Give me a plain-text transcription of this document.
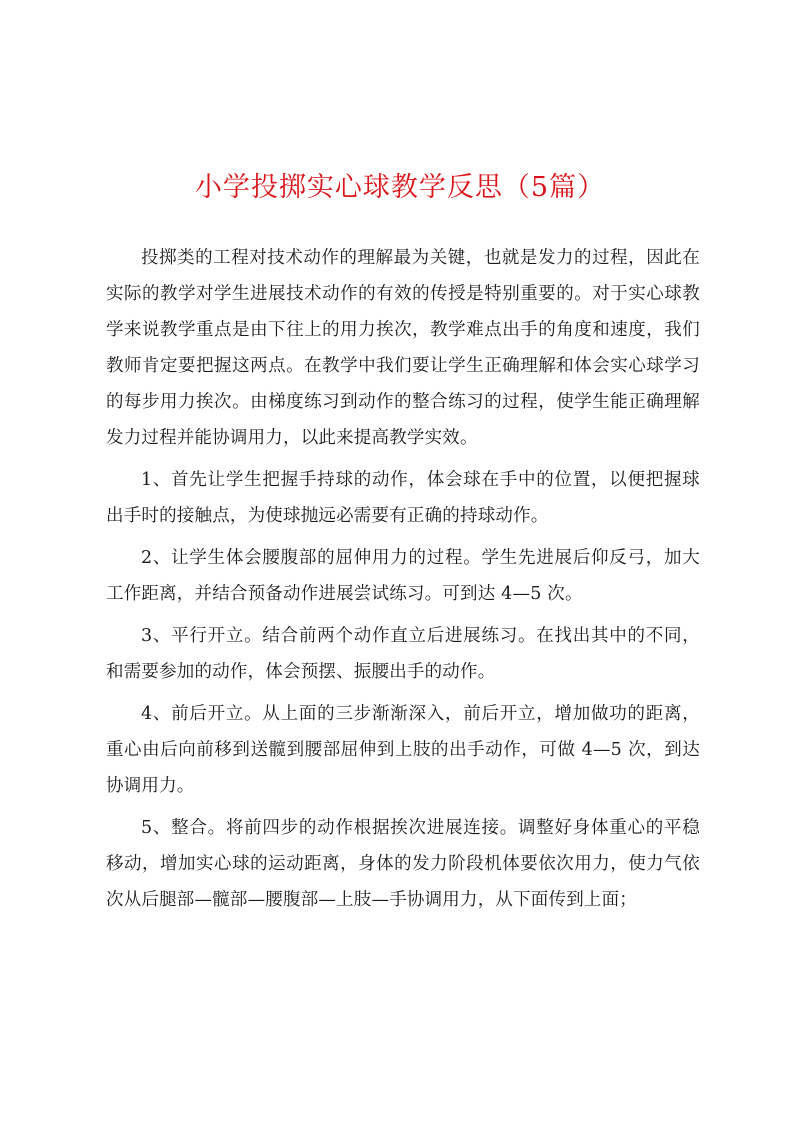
小学投掷实心球教学反思（5篇）

投掷类的工程对技术动作的理解最为关键，也就是发力的过程，因此在实际的教学对学生进展技术动作的有效的传授是特别重要的。对于实心球教学来说教学重点是由下往上的用力挨次，教学难点出手的角度和速度，我们教师肯定要把握这两点。在教学中我们要让学生正确理解和体会实心球学习的每步用力挨次。由梯度练习到动作的整合练习的过程，使学生能正确理解发力过程并能协调用力，以此来提高教学实效。

1、首先让学生把握手持球的动作，体会球在手中的位置，以便把握球出手时的接触点，为使球抛远必需要有正确的持球动作。

2、让学生体会腰腹部的屈伸用力的过程。学生先进展后仰反弓，加大工作距离，并结合预备动作进展尝试练习。可到达 4—5 次。

3、平行开立。结合前两个动作直立后进展练习。在找出其中的不同，和需要参加的动作，体会预摆、振腰出手的动作。

4、前后开立。从上面的三步渐渐深入，前后开立，增加做功的距离，重心由后向前移到送髋到腰部屈伸到上肢的出手动作，可做 4—5 次，到达协调用力。

5、整合。将前四步的动作根据挨次进展连接。调整好身体重心的平稳移动，增加实心球的运动距离，身体的发力阶段机体要依次用力，使力气依次从后腿部—髋部—腰腹部—上肢—手协调用力，从下面传到上面；
